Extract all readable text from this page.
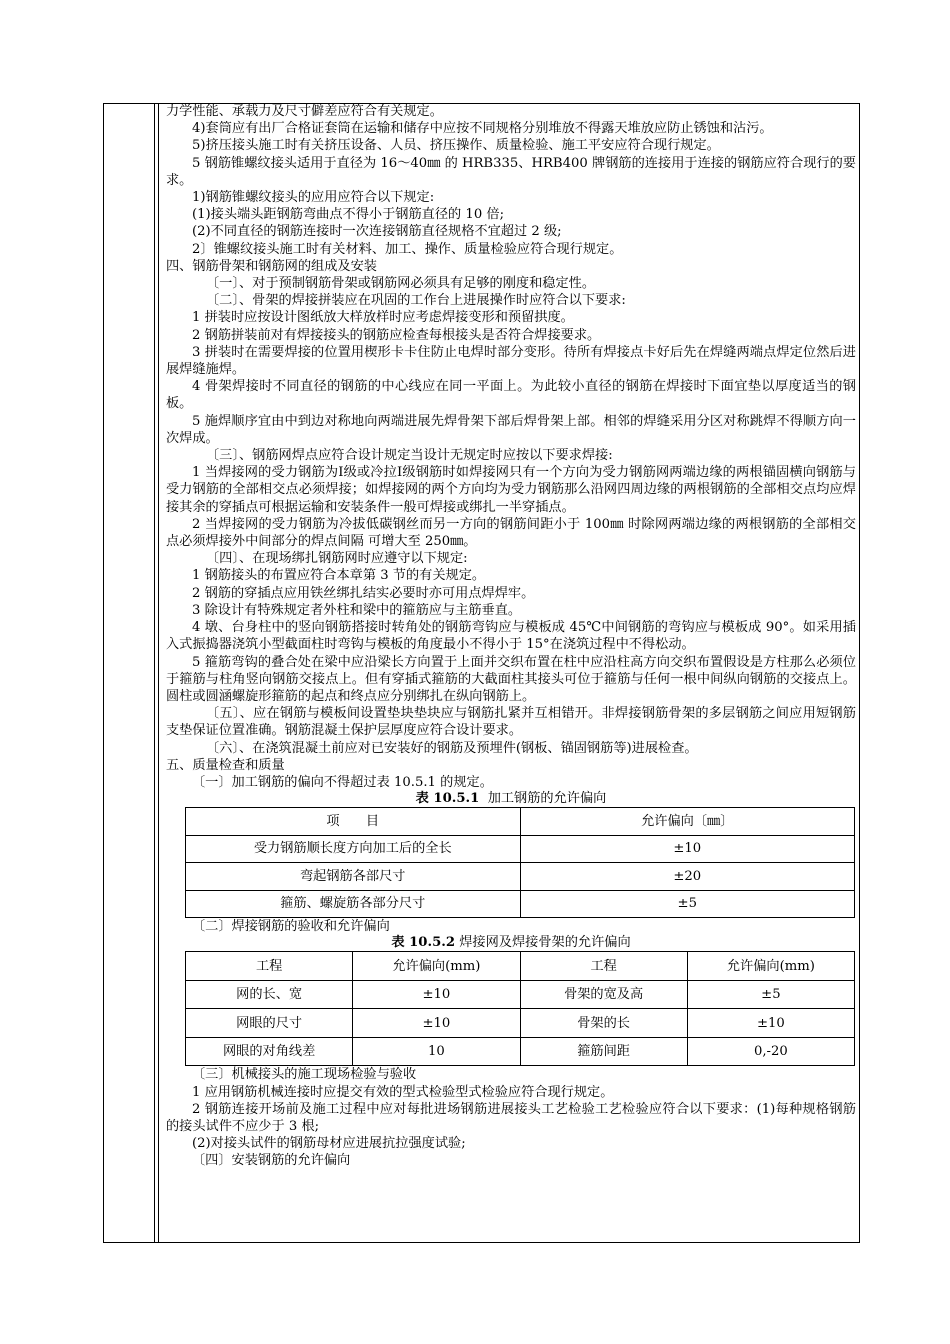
力学性能、承载力及尺寸僻差应符合有关规定。

4)套筒应有出厂合格证套筒在运输和储存中应按不同规格分别堆放不得露天堆放应防止锈蚀和沾污。

5)挤压接头施工时有关挤压设备、人员、挤压操作、质量检验、施工平安应符合现行规定。

5 钢筋锥螺纹接头适用于直径为 16～40㎜ 的 HRB335、HRB400 牌钢筋的连接用于连接的钢筋应符合现行的要求。

1)钢筋锥螺纹接头的应用应符合以下规定:

(1)接头端头距钢筋弯曲点不得小于钢筋直径的 10 倍;

(2)不同直径的钢筋连接时一次连接钢筋直径规格不宜超过 2 级;

2〕锥螺纹接头施工时有关材料、加工、操作、质量检验应符合现行规定。

四、钢筋骨架和钢筋网的组成及安装

〔一〕、对于预制钢筋骨架或钢筋网必须具有足够的刚度和稳定性。

〔二〕、骨架的焊接拼装应在巩固的工作台上进展操作时应符合以下要求:

1 拼装时应按设计图纸放大样放样时应考虑焊接变形和预留拱度。

2 钢筋拼装前对有焊接接头的钢筋应检查每根接头是否符合焊接要求。

3 拼装时在需要焊接的位置用楔形卡卡住防止电焊时部分变形。待所有焊接点卡好后先在焊缝两端点焊定位然后进展焊缝施焊。

4 骨架焊接时不同直径的钢筋的中心线应在同一平面上。为此较小直径的钢筋在焊接时下面宜垫以厚度适当的钢板。

5 施焊顺序宜由中到边对称地向两端进展先焊骨架下部后焊骨架上部。相邻的焊缝采用分区对称跳焊不得顺方向一次焊成。

〔三〕、钢筋网焊点应符合设计规定当设计无规定时应按以下要求焊接:

1 当焊接网的受力钢筋为Ⅰ级或冷拉Ⅰ级钢筋时如焊接网只有一个方向为受力钢筋网两端边缘的两根锚固横向钢筋与受力钢筋的全部相交点必须焊接；如焊接网的两个方向均为受力钢筋那么沿网四周边缘的两根钢筋的全部相交点均应焊接其余的穿插点可根据运输和安装条件一般可焊接或绑扎一半穿插点。

2 当焊接网的受力钢筋为冷拔低碳钢丝而另一方向的钢筋间距小于 100㎜ 时除网两端边缘的两根钢筋的全部相交点必须焊接外中间部分的焊点间隔 可增大至 250㎜。

〔四〕、在现场绑扎钢筋网时应遵守以下规定:

1 钢筋接头的布置应符合本章第 3 节的有关规定。

2 钢筋的穿插点应用铁丝绑扎结实必要时亦可用点焊焊牢。

3 除设计有特殊规定者外柱和梁中的箍筋应与主筋垂直。

4 墩、台身柱中的竖向钢筋搭接时转角处的钢筋弯钩应与模板成 45℃中间钢筋的弯钩应与模板成 90°。如采用插入式振捣器浇筑小型截面柱时弯钩与模板的角度最小不得小于 15°在浇筑过程中不得松动。

5 箍筋弯钩的叠合处在梁中应沿梁长方向置于上面并交织布置在柱中应沿柱高方向交织布置假设是方柱那么必须位于箍筋与柱角竖向钢筋交接点上。但有穿插式箍筋的大截面柱其接头可位于箍筋与任何一根中间纵向钢筋的交接点上。圆柱或圆涵螺旋形箍筋的起点和终点应分别绑扎在纵向钢筋上。

〔五〕、应在钢筋与模板间设置垫块垫块应与钢筋扎紧并互相错开。非焊接钢筋骨架的多层钢筋之间应用短钢筋支垫保证位置准确。钢筋混凝土保护层厚度应符合设计要求。

〔六〕、在浇筑混凝土前应对已安装好的钢筋及预埋件(钢板、锚固钢筋等)进展检查。

五、质量检查和质量

〔一〕加工钢筋的偏向不得超过表 10.5.1 的规定。

表 10.5.1 加工钢筋的允许偏向

项　　目	允许偏向〔㎜〕
受力钢筋顺长度方向加工后的全长	±10
弯起钢筋各部尺寸	±20
箍筋、螺旋筋各部分尺寸	±5

〔二〕焊接钢筋的验收和允许偏向

表 10.5.2 焊接网及焊接骨架的允许偏向

工程	允许偏向(mm)	工程	允许偏向(mm)
网的长、宽	±10	骨架的宽及高	±5
网眼的尺寸	±10	骨架的长	±10
网眼的对角线差	10	箍筋间距	0,-20

〔三〕机械接头的施工现场检验与验收

1 应用钢筋机械连接时应提交有效的型式检验型式检验应符合现行规定。

2 钢筋连接开场前及施工过程中应对每批进场钢筋进展接头工艺检验工艺检验应符合以下要求：(1)每种规格钢筋的接头试件不应少于 3 根;

(2)对接头试件的钢筋母材应进展抗拉强度试验;

〔四〕安装钢筋的允许偏向
